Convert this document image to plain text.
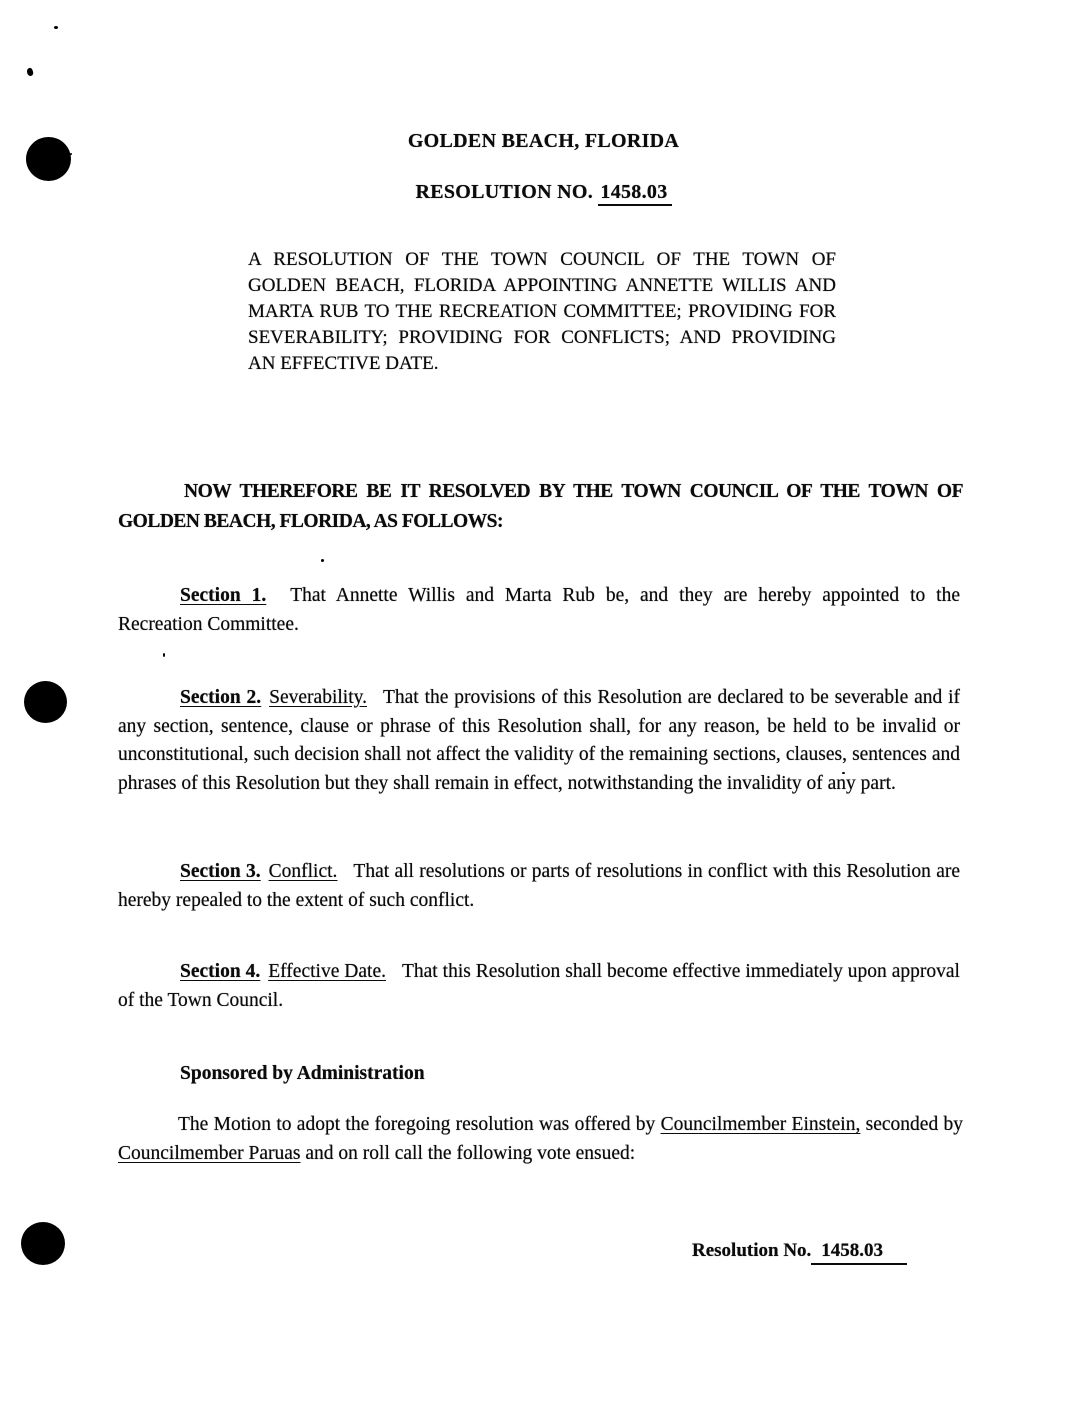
GOLDEN BEACH, FLORIDA
RESOLUTION NO. 1458.03

A RESOLUTION OF THE TOWN COUNCIL OF THE TOWN OF GOLDEN BEACH, FLORIDA APPOINTING ANNETTE WILLIS AND MARTA RUB TO THE RECREATION COMMITTEE; PROVIDING FOR SEVERABILITY; PROVIDING FOR CONFLICTS; AND PROVIDING AN EFFECTIVE DATE.

NOW THEREFORE BE IT RESOLVED BY THE TOWN COUNCIL OF THE TOWN OF GOLDEN BEACH, FLORIDA, AS FOLLOWS:

Section 1. That Annette Willis and Marta Rub be, and they are hereby appointed to the Recreation Committee.

Section 2. Severability. That the provisions of this Resolution are declared to be severable and if any section, sentence, clause or phrase of this Resolution shall, for any reason, be held to be invalid or unconstitutional, such decision shall not affect the validity of the remaining sections, clauses, sentences and phrases of this Resolution but they shall remain in effect, notwithstanding the invalidity of any part.

Section 3. Conflict. That all resolutions or parts of resolutions in conflict with this Resolution are hereby repealed to the extent of such conflict.

Section 4. Effective Date. That this Resolution shall become effective immediately upon approval of the Town Council.

Sponsored by Administration

The Motion to adopt the foregoing resolution was offered by Councilmember Einstein, seconded by Councilmember Paruas and on roll call the following vote ensued:

Resolution No. 1458.03
